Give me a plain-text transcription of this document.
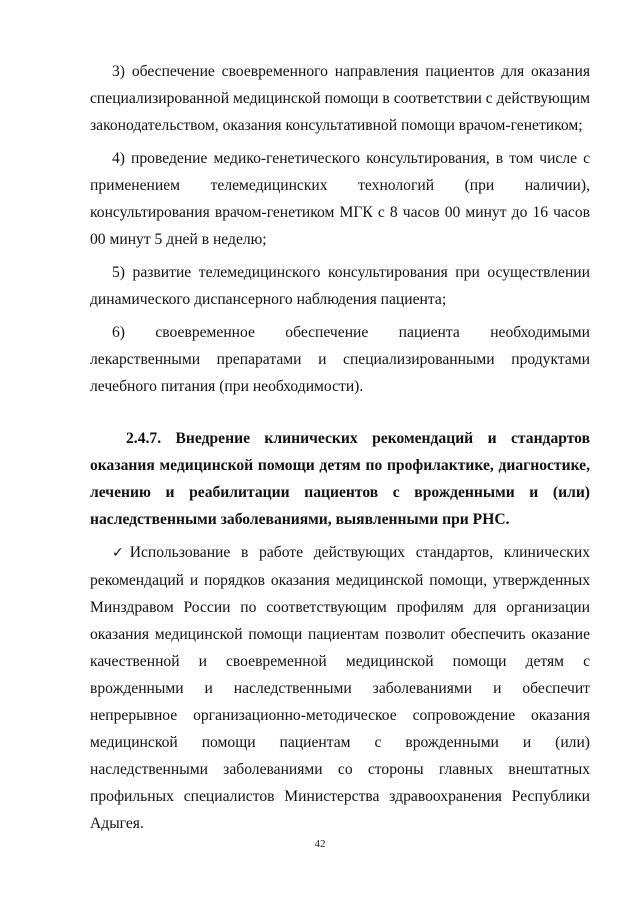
3) обеспечение своевременного направления пациентов для оказания специализированной медицинской помощи в соответствии с действующим законодательством, оказания консультативной помощи врачом-генетиком;

4) проведение медико-генетического консультирования, в том числе с применением телемедицинских технологий (при наличии), консультирования врачом-генетиком МГК с 8 часов 00 минут до 16 часов 00 минут 5 дней в неделю;

5) развитие телемедицинского консультирования при осуществлении динамического диспансерного наблюдения пациента;

6) своевременное обеспечение пациента необходимыми лекарственными препаратами и специализированными продуктами лечебного питания (при необходимости).

2.4.7. Внедрение клинических рекомендаций и стандартов оказания медицинской помощи детям по профилактике, диагностике, лечению и реабилитации пациентов с врожденными и (или) наследственными заболеваниями, выявленными при РНС.

✓ Использование в работе действующих стандартов, клинических рекомендаций и порядков оказания медицинской помощи, утвержденных Минздравом России по соответствующим профилям для организации оказания медицинской помощи пациентам позволит обеспечить оказание качественной и своевременной медицинской помощи детям с врожденными и наследственными заболеваниями и обеспечит непрерывное организационно-методическое сопровождение оказания медицинской помощи пациентам с врожденными и (или) наследственными заболеваниями со стороны главных внештатных профильных специалистов Министерства здравоохранения Республики Адыгея.

42
